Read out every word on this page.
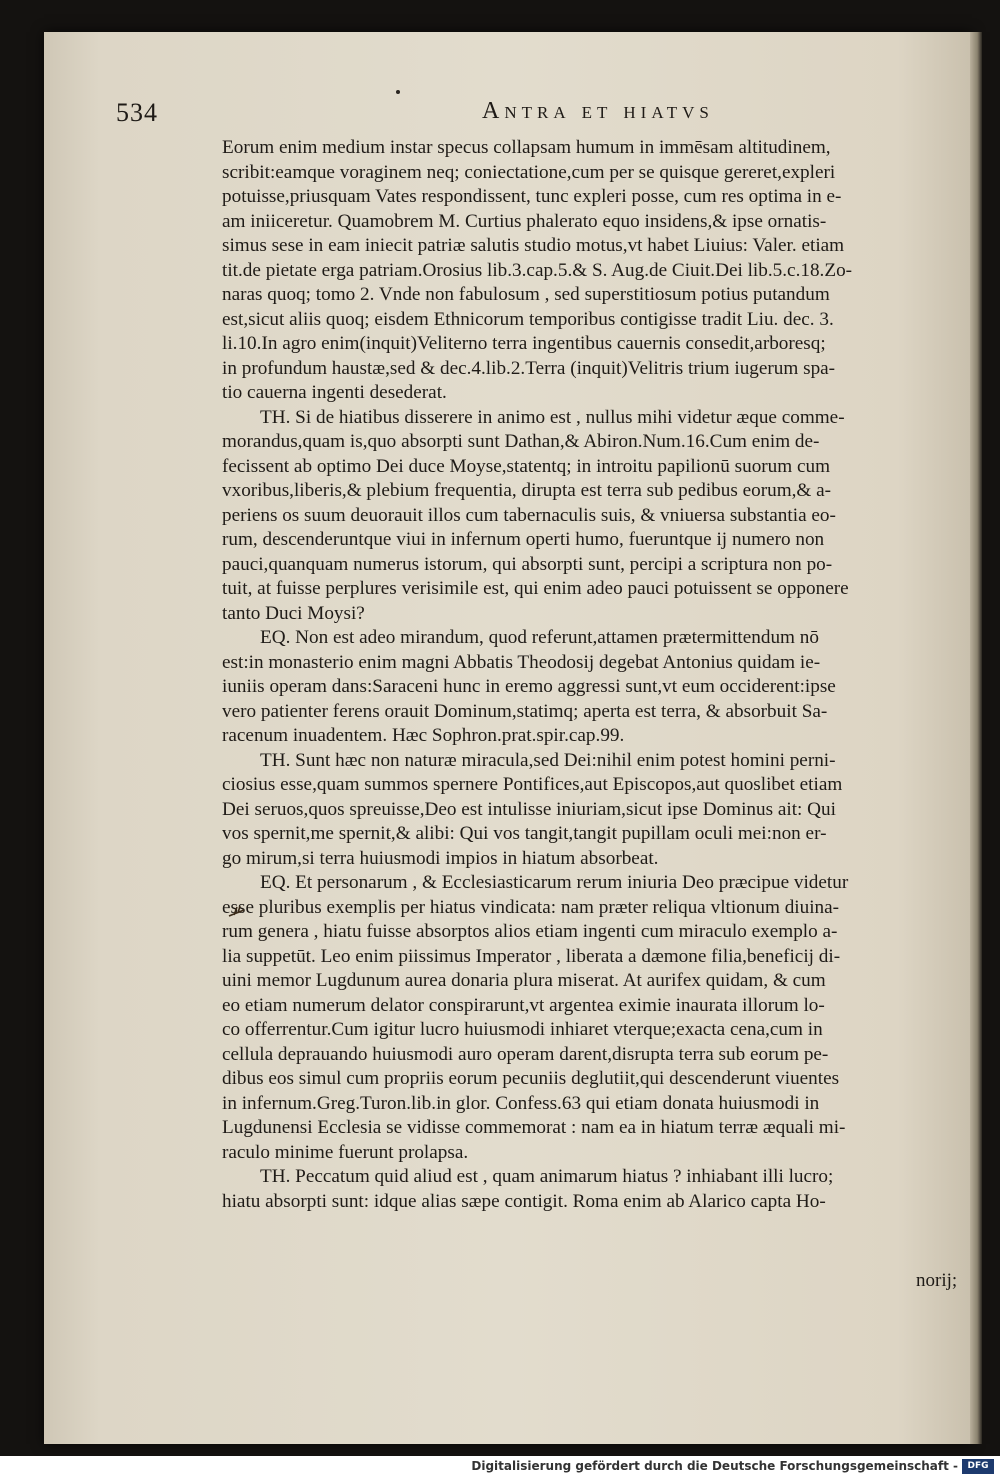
534	Antra et hiatvs
Eorum enim medium instar specus collapsam humum in immēsam altitudinem,
scribit:eamque voraginem neq; coniectatione,cum per se quisque gereret,expleri
potuisse,priusquam Vates respondissent, tunc expleri posse, cum res optima in e-
am iniiceretur. Quamobrem M. Curtius phalerato equo insidens,& ipse ornatis-
simus sese in eam iniecit patriæ salutis studio motus,vt habet Liuius: Valer. etiam
tit.de pietate erga patriam.Orosius lib.3.cap.5.& S. Aug.de Ciuit.Dei lib.5.c.18.Zo-
naras quoq; tomo 2. Vnde non fabulosum , sed superstitiosum potius putandum
est,sicut aliis quoq; eisdem Ethnicorum temporibus contigisse tradit Liu. dec. 3.
li.10.In agro enim(inquit)Veliterno terra ingentibus cauernis consedit,arboresq;
in profundum haustæ,sed & dec.4.lib.2.Terra (inquit)Velitris trium iugerum spa-
tio cauerna ingenti desederat.
TH. Si de hiatibus disserere in animo est , nullus mihi videtur æque comme-
morandus,quam is,quo absorpti sunt Dathan,& Abiron.Num.16.Cum enim de-
fecissent ab optimo Dei duce Moyse,statentq; in introitu papilionū suorum cum
vxoribus,liberis,& plebium frequentia, dirupta est terra sub pedibus eorum,& a-
periens os suum deuorauit illos cum tabernaculis suis, & vniuersa substantia eo-
rum, descenderuntque viui in infernum operti humo, fueruntque ij numero non
pauci,quanquam numerus istorum, qui absorpti sunt, percipi a scriptura non po-
tuit, at fuisse perplures verisimile est, qui enim adeo pauci potuissent se opponere
tanto Duci Moysi?
EQ. Non est adeo mirandum, quod referunt,attamen prætermittendum nō
est:in monasterio enim magni Abbatis Theodosij degebat Antonius quidam ie-
iuniis operam dans:Saraceni hunc in eremo aggressi sunt,vt eum occiderent:ipse
vero patienter ferens orauit Dominum,statimq; aperta est terra, & absorbuit Sa-
racenum inuadentem. Hæc Sophron.prat.spir.cap.99.
TH. Sunt hæc non naturæ miracula,sed Dei:nihil enim potest homini perni-
ciosius esse,quam summos spernere Pontifices,aut Episcopos,aut quoslibet etiam
Dei seruos,quos spreuisse,Deo est intulisse iniuriam,sicut ipse Dominus ait: Qui
vos spernit,me spernit,& alibi: Qui vos tangit,tangit pupillam oculi mei:non er-
go mirum,si terra huiusmodi impios in hiatum absorbeat.
EQ. Et personarum , & Ecclesiasticarum rerum iniuria Deo præcipue videtur
esse pluribus exemplis per hiatus vindicata: nam præter reliqua vltionum diuina-
rum genera , hiatu fuisse absorptos alios etiam ingenti cum miraculo exemplo a-
lia suppetūt. Leo enim piissimus Imperator , liberata a dæmone filia,beneficij di-
uini memor Lugdunum aurea donaria plura miserat. At aurifex quidam, & cum
eo etiam numerum delator conspirarunt,vt argentea eximie inaurata illorum lo-
co offerrentur.Cum igitur lucro huiusmodi inhiaret vterque;exacta cena,cum in
cellula deprauando huiusmodi auro operam darent,disrupta terra sub eorum pe-
dibus eos simul cum propriis eorum pecuniis deglutiit,qui descenderunt viuentes
in infernum.Greg.Turon.lib.in glor. Confess.63 qui etiam donata huiusmodi in
Lugdunensi Ecclesia se vidisse commemorat : nam ea in hiatum terræ æquali mi-
raculo minime fuerunt prolapsa.
TH. Peccatum quid aliud est , quam animarum hiatus ? inhiabant illi lucro;
hiatu absorpti sunt: idque alias sæpe contigit. Roma enim ab Alarico capta Ho-
norij;
Digitalisierung gefördert durch die Deutsche Forschungsgemeinschaft -	DFG
